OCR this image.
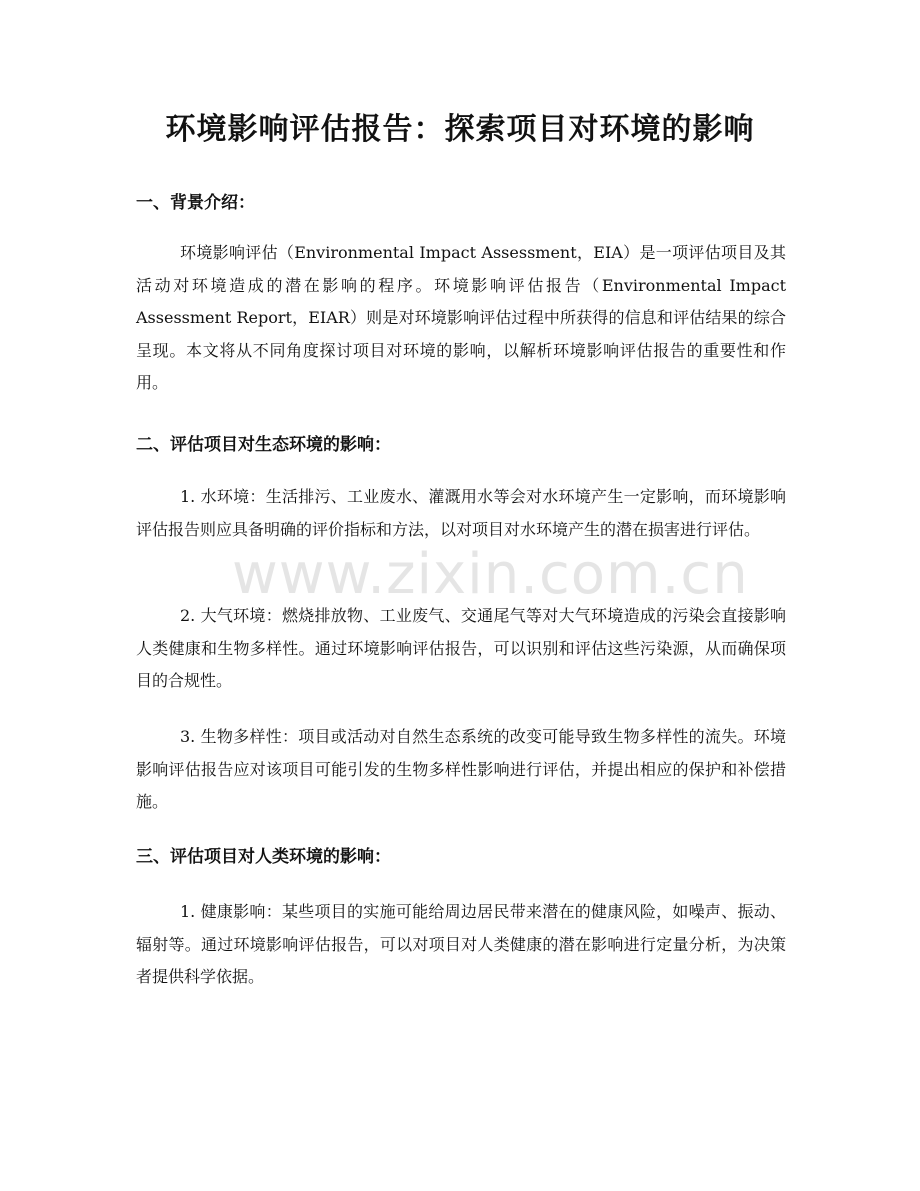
环境影响评估报告：探索项目对环境的影响
一、背景介绍：

环境影响评估（Environmental Impact Assessment，EIA）是一项评估项目及其活动对环境造成的潜在影响的程序。环境影响评估报告（Environmental Impact Assessment Report，EIAR）则是对环境影响评估过程中所获得的信息和评估结果的综合呈现。本文将从不同角度探讨项目对环境的影响，以解析环境影响评估报告的重要性和作用。

二、评估项目对生态环境的影响：

1. 水环境：生活排污、工业废水、灌溉用水等会对水环境产生一定影响，而环境影响评估报告则应具备明确的评价指标和方法，以对项目对水环境产生的潜在损害进行评估。

2. 大气环境：燃烧排放物、工业废气、交通尾气等对大气环境造成的污染会直接影响人类健康和生物多样性。通过环境影响评估报告，可以识别和评估这些污染源，从而确保项目的合规性。

3. 生物多样性：项目或活动对自然生态系统的改变可能导致生物多样性的流失。环境影响评估报告应对该项目可能引发的生物多样性影响进行评估，并提出相应的保护和补偿措施。

三、评估项目对人类环境的影响：

1. 健康影响：某些项目的实施可能给周边居民带来潜在的健康风险，如噪声、振动、辐射等。通过环境影响评估报告，可以对项目对人类健康的潜在影响进行定量分析，为决策者提供科学依据。

www.zixin.com.cn
